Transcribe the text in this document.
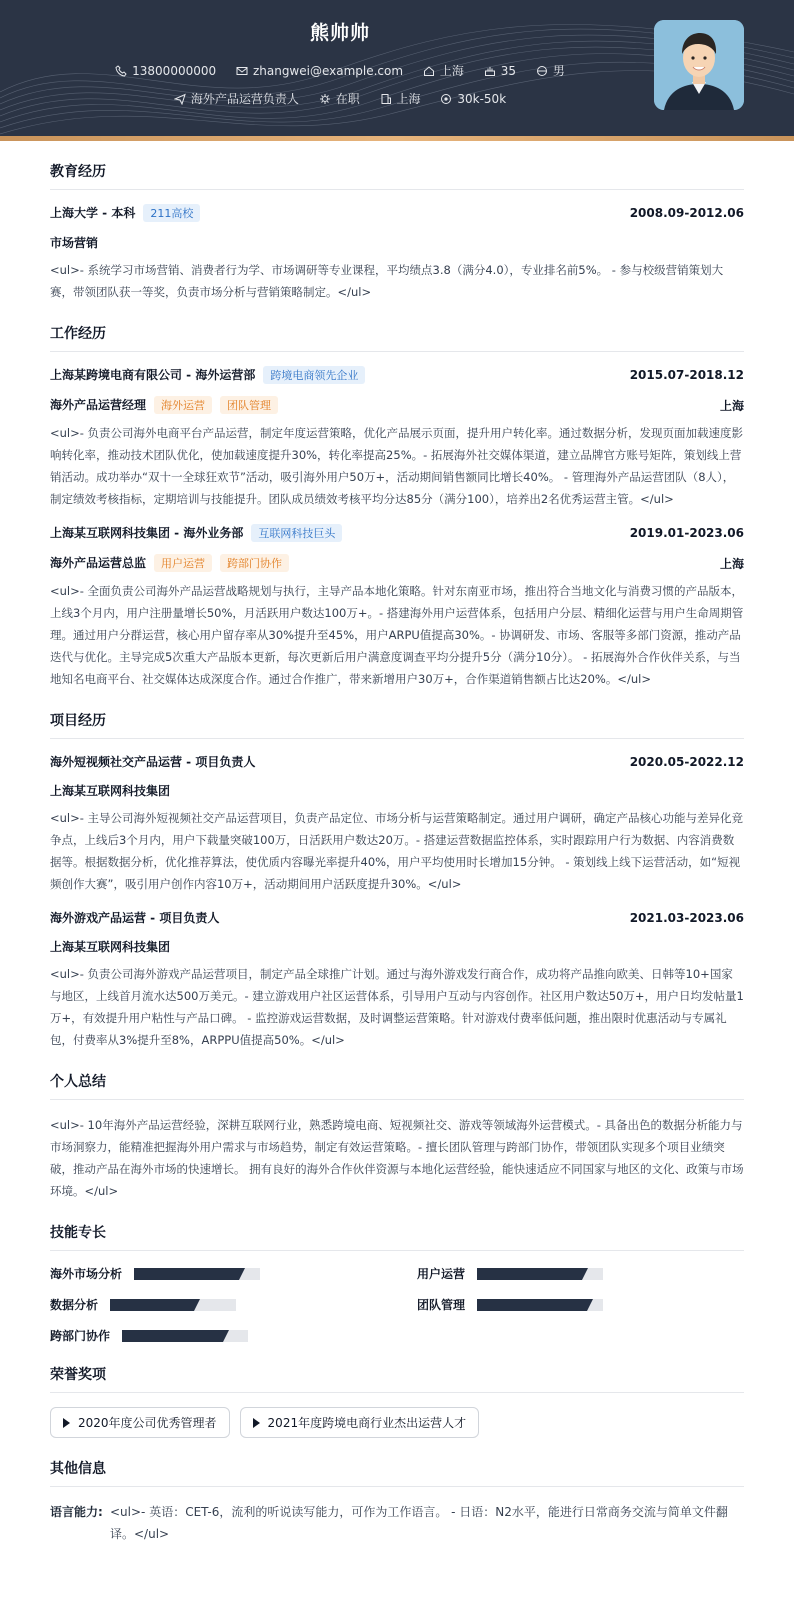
熊帅帅
13800000000	zhangwei@example.com	上海	35	男
海外产品运营负责人	在职	上海	30k-50k
教育经历
上海大学 - 本科 211高校	2008.09-2012.06
市场营销
<ul>- 系统学习市场营销、消费者行为学、市场调研等专业课程，平均绩点3.8（满分4.0），专业排名前5%。 - 参与校级营销策划大赛，带领团队获一等奖，负责市场分析与营销策略制定。</ul>
工作经历
上海某跨境电商有限公司 - 海外运营部 跨境电商领先企业	2015.07-2018.12
海外产品运营经理 海外运营 团队管理	上海
<ul>- 负责公司海外电商平台产品运营，制定年度运营策略，优化产品展示页面，提升用户转化率。通过数据分析，发现页面加载速度影响转化率，推动技术团队优化，使加载速度提升30%，转化率提高25%。- 拓展海外社交媒体渠道，建立品牌官方账号矩阵，策划线上营销活动。成功举办“双十一全球狂欢节”活动，吸引海外用户50万+，活动期间销售额同比增长40%。 - 管理海外产品运营团队（8人），制定绩效考核指标，定期培训与技能提升。团队成员绩效考核平均分达85分（满分100），培养出2名优秀运营主管。</ul>
上海某互联网科技集团 - 海外业务部 互联网科技巨头	2019.01-2023.06
海外产品运营总监 用户运营 跨部门协作	上海
<ul>- 全面负责公司海外产品运营战略规划与执行，主导产品本地化策略。针对东南亚市场，推出符合当地文化与消费习惯的产品版本，上线3个月内，用户注册量增长50%，月活跃用户数达100万+。- 搭建海外用户运营体系，包括用户分层、精细化运营与用户生命周期管理。通过用户分群运营，核心用户留存率从30%提升至45%，用户ARPU值提高30%。- 协调研发、市场、客服等多部门资源，推动产品迭代与优化。主导完成5次重大产品版本更新，每次更新后用户满意度调查平均分提升5分（满分10分）。 - 拓展海外合作伙伴关系，与当地知名电商平台、社交媒体达成深度合作。通过合作推广，带来新增用户30万+，合作渠道销售额占比达20%。</ul>
项目经历
海外短视频社交产品运营 - 项目负责人	2020.05-2022.12
上海某互联网科技集团
<ul>- 主导公司海外短视频社交产品运营项目，负责产品定位、市场分析与运营策略制定。通过用户调研，确定产品核心功能与差异化竞争点，上线后3个月内，用户下载量突破100万，日活跃用户数达20万。- 搭建运营数据监控体系，实时跟踪用户行为数据、内容消费数据等。根据数据分析，优化推荐算法，使优质内容曝光率提升40%，用户平均使用时长增加15分钟。 - 策划线上线下运营活动，如“短视频创作大赛”，吸引用户创作内容10万+，活动期间用户活跃度提升30%。</ul>
海外游戏产品运营 - 项目负责人	2021.03-2023.06
上海某互联网科技集团
<ul>- 负责公司海外游戏产品运营项目，制定产品全球推广计划。通过与海外游戏发行商合作，成功将产品推向欧美、日韩等10+国家与地区，上线首月流水达500万美元。- 建立游戏用户社区运营体系，引导用户互动与内容创作。社区用户数达50万+，用户日均发帖量1万+，有效提升用户粘性与产品口碑。 - 监控游戏运营数据，及时调整运营策略。针对游戏付费率低问题，推出限时优惠活动与专属礼包，付费率从3%提升至8%，ARPPU值提高50%。</ul>
个人总结
<ul>- 10年海外产品运营经验，深耕互联网行业，熟悉跨境电商、短视频社交、游戏等领域海外运营模式。- 具备出色的数据分析能力与市场洞察力，能精准把握海外用户需求与市场趋势，制定有效运营策略。- 擅长团队管理与跨部门协作，带领团队实现多个项目业绩突破，推动产品在海外市场的快速增长。 拥有良好的海外合作伙伴资源与本地化运营经验，能快速适应不同国家与地区的文化、政策与市场环境。</ul>
技能专长
海外市场分析	用户运营
数据分析	团队管理
跨部门协作
荣誉奖项
2020年度公司优秀管理者	2021年度跨境电商行业杰出运营人才
其他信息
语言能力: <ul>- 英语：CET-6，流利的听说读写能力，可作为工作语言。 - 日语：N2水平，能进行日常商务交流与简单文件翻译。</ul>
